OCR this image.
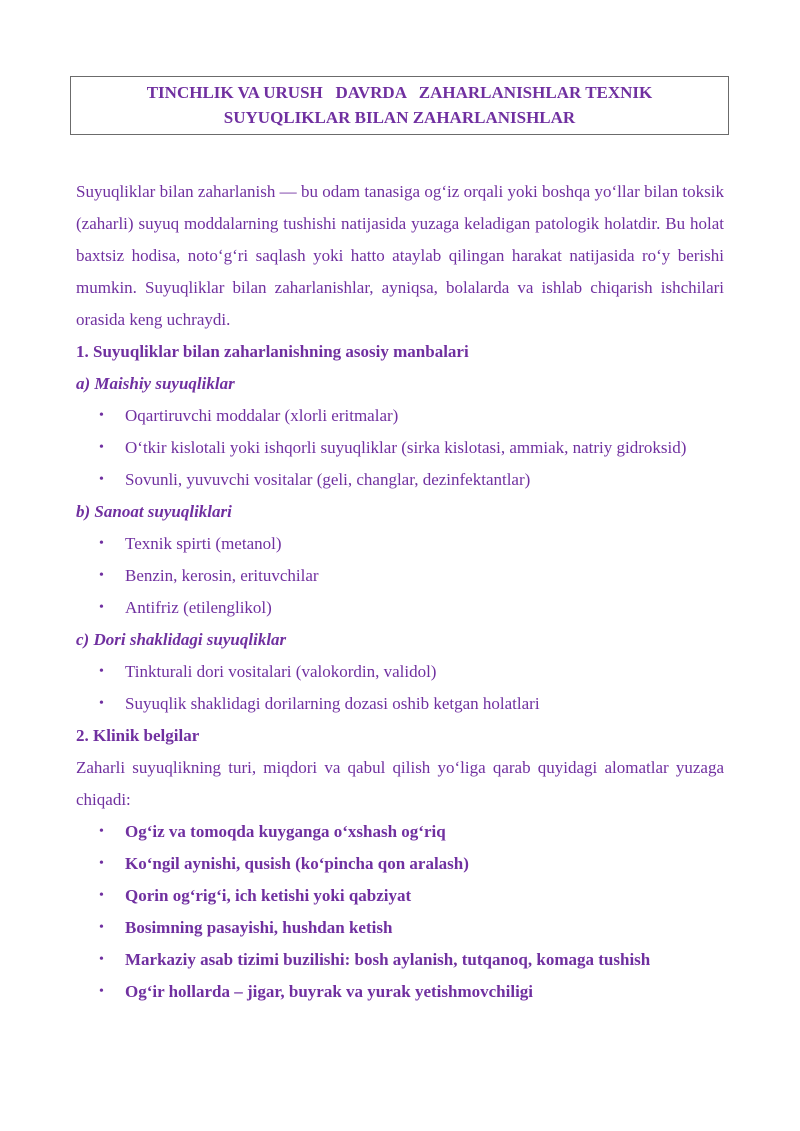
TINCHLIK VA URUSH   DAVRDA   ZAHARLANISHLAR TEXNIK
SUYUQLIKLAR BILAN ZAHARLANISHLAR
Suyuqliklar bilan zaharlanish — bu odam tanasiga og‘iz orqali yoki boshqa yo‘llar bilan toksik (zaharli) suyuq moddalarning tushishi natijasida yuzaga keladigan patologik holatdir. Bu holat baxtsiz hodisa, noto‘g‘ri saqlash yoki hatto ataylab qilingan harakat natijasida ro‘y berishi mumkin. Suyuqliklar bilan zaharlanishlar, ayniqsa, bolalarda va ishlab chiqarish ishchilari orasida keng uchraydi.
1. Suyuqliklar bilan zaharlanishning asosiy manbalari
a) Maishiy suyuqliklar
• Oqartiruvchi moddalar (xlorli eritmalar)
• O‘tkir kislotali yoki ishqorli suyuqliklar (sirka kislotasi, ammiak, natriy gidroksid)
• Sovunli, yuvuvchi vositalar (geli, changlar, dezinfektantlar)
b) Sanoat suyuqliklari
• Texnik spirti (metanol)
• Benzin, kerosin, erituvchilar
• Antifriz (etilenglikol)
c) Dori shaklidagi suyuqliklar
• Tinkturali dori vositalari (valokordin, validol)
• Suyuqlik shaklidagi dorilarning dozasi oshib ketgan holatlari
2. Klinik belgilar
Zaharli suyuqlikning turi, miqdori va qabul qilish yo‘liga qarab quyidagi alomatlar yuzaga chiqadi:
• Og‘iz va tomoqda kuyganga o‘xshash og‘riq
• Ko‘ngil aynishi, qusish (ko‘pincha qon aralash)
• Qorin og‘rig‘i, ich ketishi yoki qabziyat
• Bosimning pasayishi, hushdan ketish
• Markaziy asab tizimi buzilishi: bosh aylanish, tutqanoq, komaga tushish
• Og‘ir hollarda – jigar, buyrak va yurak yetishmovchiligi
